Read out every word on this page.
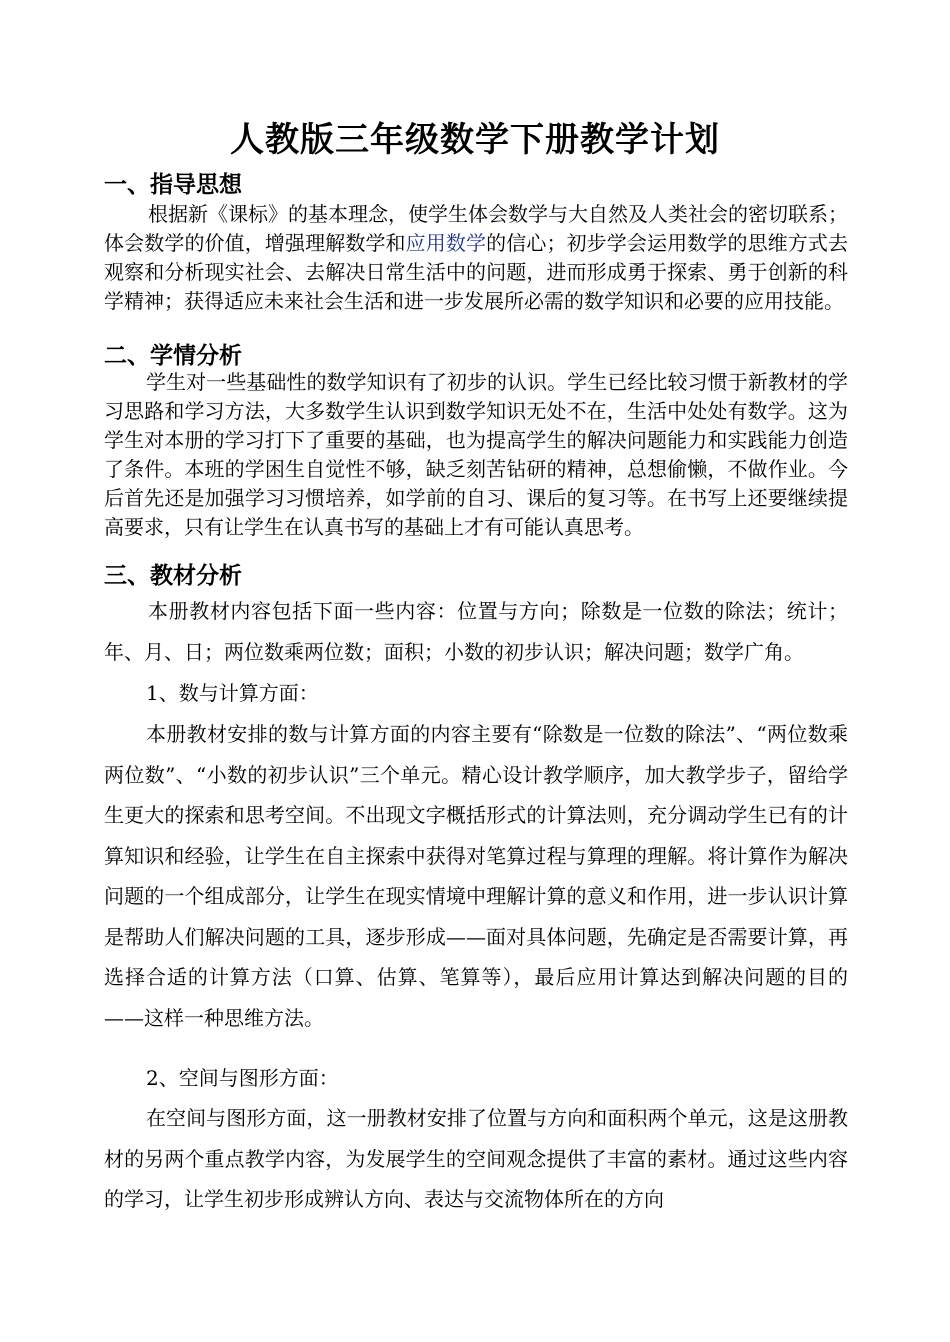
人教版三年级数学下册教学计划
一、指导思想
根据新《课标》的基本理念，使学生体会数学与大自然及人类社会的密切联系；体会数学的价值，增强理解数学和应用数学的信心；初步学会运用数学的思维方式去观察和分析现实社会、去解决日常生活中的问题，进而形成勇于探索、勇于创新的科学精神；获得适应未来社会生活和进一步发展所必需的数学知识和必要的应用技能。
二、学情分析
学生对一些基础性的数学知识有了初步的认识。学生已经比较习惯于新教材的学习思路和学习方法，大多数学生认识到数学知识无处不在，生活中处处有数学。这为学生对本册的学习打下了重要的基础，也为提高学生的解决问题能力和实践能力创造了条件。本班的学困生自觉性不够，缺乏刻苦钻研的精神，总想偷懒，不做作业。今后首先还是加强学习习惯培养，如学前的自习、课后的复习等。在书写上还要继续提高要求，只有让学生在认真书写的基础上才有可能认真思考。
三、教材分析
本册教材内容包括下面一些内容：位置与方向；除数是一位数的除法；统计；年、月、日；两位数乘两位数；面积；小数的初步认识；解决问题；数学广角。
1、数与计算方面：
本册教材安排的数与计算方面的内容主要有“除数是一位数的除法”、“两位数乘两位数”、“小数的初步认识”三个单元。精心设计教学顺序，加大教学步子，留给学生更大的探索和思考空间。不出现文字概括形式的计算法则，充分调动学生已有的计算知识和经验，让学生在自主探索中获得对笔算过程与算理的理解。将计算作为解决问题的一个组成部分，让学生在现实情境中理解计算的意义和作用，进一步认识计算是帮助人们解决问题的工具，逐步形成——面对具体问题，先确定是否需要计算，再选择合适的计算方法（口算、估算、笔算等），最后应用计算达到解决问题的目的——这样一种思维方法。
2、空间与图形方面：
在空间与图形方面，这一册教材安排了位置与方向和面积两个单元，这是这册教材的另两个重点教学内容，为发展学生的空间观念提供了丰富的素材。通过这些内容的学习，让学生初步形成辨认方向、表达与交流物体所在的方向
